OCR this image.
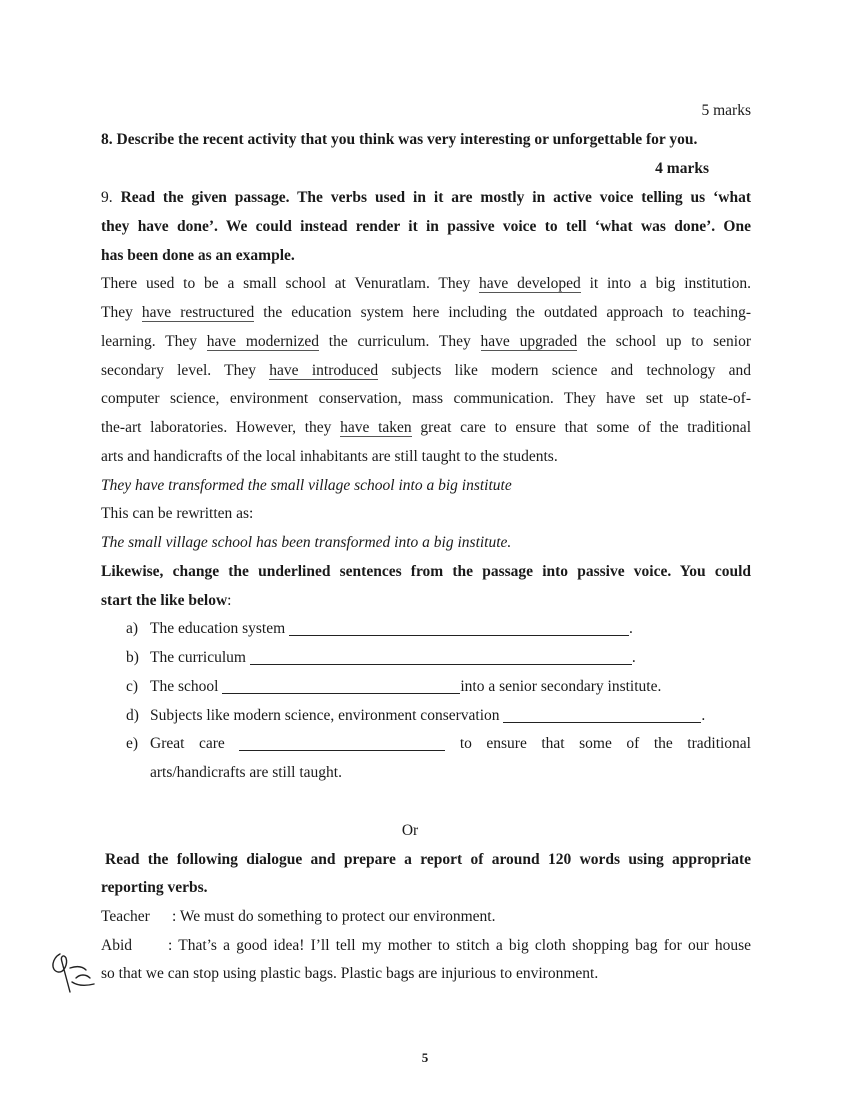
5 marks
8. Describe the recent activity that you think was very interesting or unforgettable for you.
4 marks
9. Read the given passage. The verbs used in it are mostly in active voice telling us ‘what
they have done’. We could instead render it in passive voice to tell ‘what was done’. One
has been done as an example.
There used to be a small school at Venuratlam. They have developed it into a big institution.
They have restructured the education system here including the outdated approach to teaching-
learning. They have modernized the curriculum. They have upgraded the school up to senior
secondary level. They have introduced subjects like modern science and technology and
computer science, environment conservation, mass communication. They have set up state-of-
the-art laboratories. However, they have taken great care to ensure that some of the traditional
arts and handicrafts of the local inhabitants are still taught to the students.
They have transformed the small village school into a big institute
This can be rewritten as:
The small village school has been transformed into a big institute.
Likewise, change the underlined sentences from the passage into passive voice. You could
start the like below:
a) The education system	.
b) The curriculum	.
c) The school	into a senior secondary institute.
d) Subjects like modern science, environment conservation	.
e) Great care	to ensure that some of the traditional
arts/handicrafts are still taught.
Or
Read the following dialogue and prepare a report of around 120 words using appropriate
reporting verbs.
Teacher : We must do something to protect our environment.
Abid : That’s a good idea! I’ll tell my mother to stitch a big cloth shopping bag for our house
so that we can stop using plastic bags. Plastic bags are injurious to environment.
5
